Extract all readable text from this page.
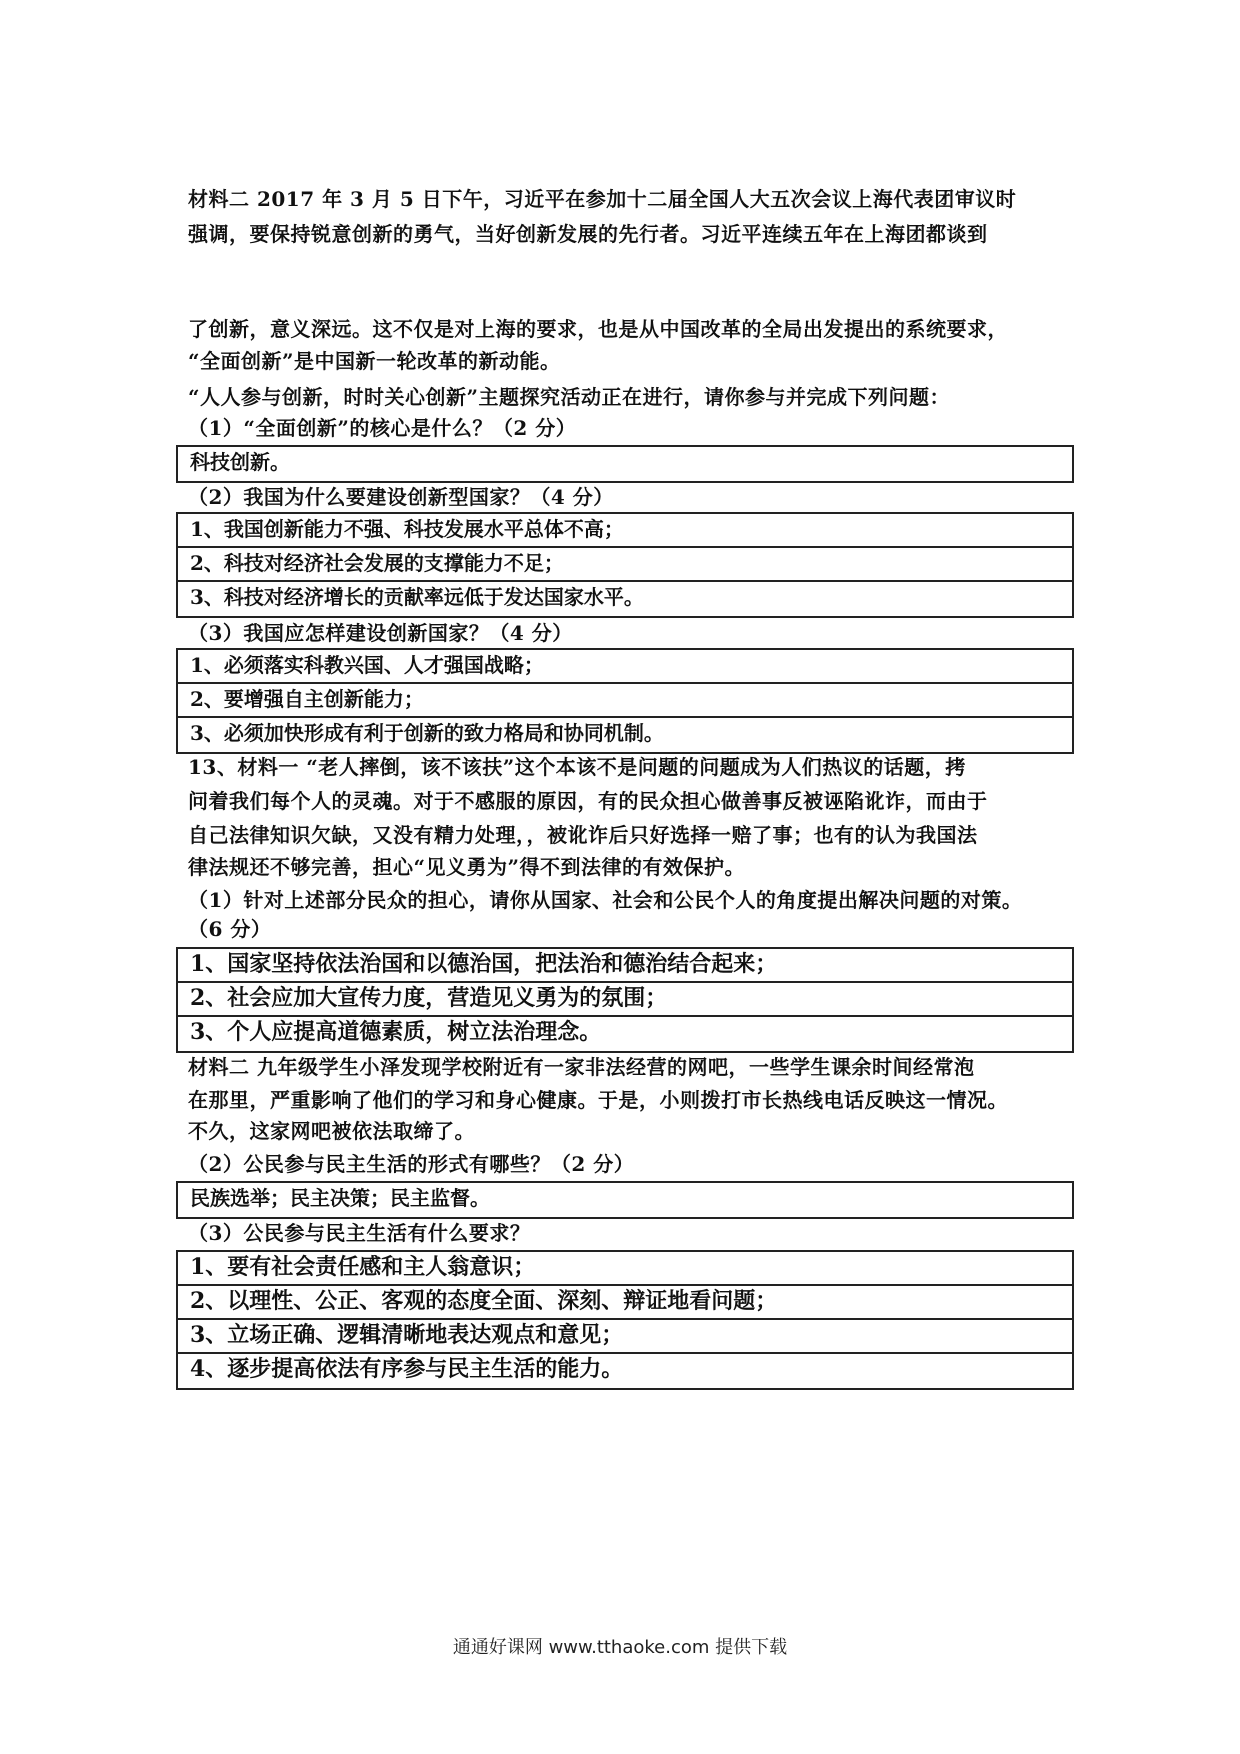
材料二 2017 年 3 月 5 日下午，习近平在参加十二届全国人大五次会议上海代表团审议时
强调，要保持锐意创新的勇气，当好创新发展的先行者。习近平连续五年在上海团都谈到
了创新，意义深远。这不仅是对上海的要求，也是从中国改革的全局出发提出的系统要求，
“全面创新”是中国新一轮改革的新动能。
“人人参与创新，时时关心创新”主题探究活动正在进行，请你参与并完成下列问题：
（1）“全面创新”的核心是什么？（2 分）
科技创新。
（2）我国为什么要建设创新型国家？（4 分）
1、我国创新能力不强、科技发展水平总体不高；
2、科技对经济社会发展的支撑能力不足；
3、科技对经济增长的贡献率远低于发达国家水平。
（3）我国应怎样建设创新国家？（4 分）
1、必须落实科教兴国、人才强国战略；
2、要增强自主创新能力；
3、必须加快形成有利于创新的致力格局和协同机制。
13、材料一 “老人摔倒，该不该扶”这个本该不是问题的问题成为人们热议的话题，拷
问着我们每个人的灵魂。对于不感服的原因，有的民众担心做善事反被诬陷讹诈，而由于
自己法律知识欠缺，又没有精力处理，，被讹诈后只好选择一赔了事；也有的认为我国法
律法规还不够完善，担心“见义勇为”得不到法律的有效保护。
（1）针对上述部分民众的担心，请你从国家、社会和公民个人的角度提出解决问题的对策。
（6 分）
1、国家坚持依法治国和以德治国，把法治和德治结合起来；
2、社会应加大宣传力度，营造见义勇为的氛围；
3、个人应提高道德素质，树立法治理念。
材料二 九年级学生小泽发现学校附近有一家非法经营的网吧，一些学生课余时间经常泡
在那里，严重影响了他们的学习和身心健康。于是，小则拨打市长热线电话反映这一情况。
不久，这家网吧被依法取缔了。
（2）公民参与民主生活的形式有哪些？（2 分）
民族选举；民主决策；民主监督。
（3）公民参与民主生活有什么要求？
1、要有社会责任感和主人翁意识；
2、以理性、公正、客观的态度全面、深刻、辩证地看问题；
3、立场正确、逻辑清晰地表达观点和意见；
4、逐步提高依法有序参与民主生活的能力。
通通好课网 www.tthaoke.com 提供下载
